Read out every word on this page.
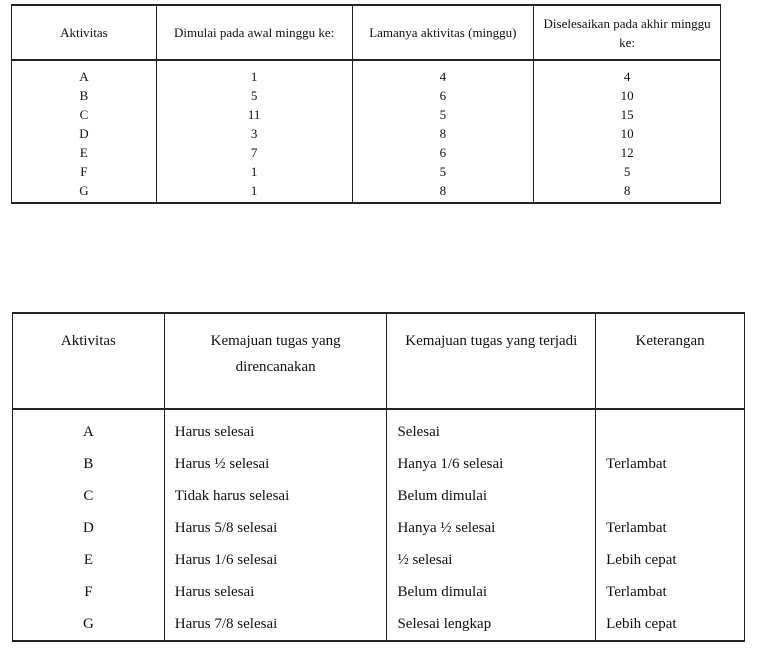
Aktivitas	Dimulai pada awal minggu ke:	Lamanya aktivitas (minggu)	Diselesaikan pada akhir minggu ke:
A	1	4	4
B	5	6	10
C	11	5	15
D	3	8	10
E	7	6	12
F	1	5	5
G	1	8	8
Aktivitas	Kemajuan tugas yang direncanakan	Kemajuan tugas yang terjadi	Keterangan
A	Harus selesai	Selesai	
B	Harus ½ selesai	Hanya 1/6 selesai	Terlambat
C	Tidak harus selesai	Belum dimulai	
D	Harus 5/8 selesai	Hanya ½ selesai	Terlambat
E	Harus 1/6 selesai	½ selesai	Lebih cepat
F	Harus selesai	Belum dimulai	Terlambat
G	Harus 7/8 selesai	Selesai lengkap	Lebih cepat
